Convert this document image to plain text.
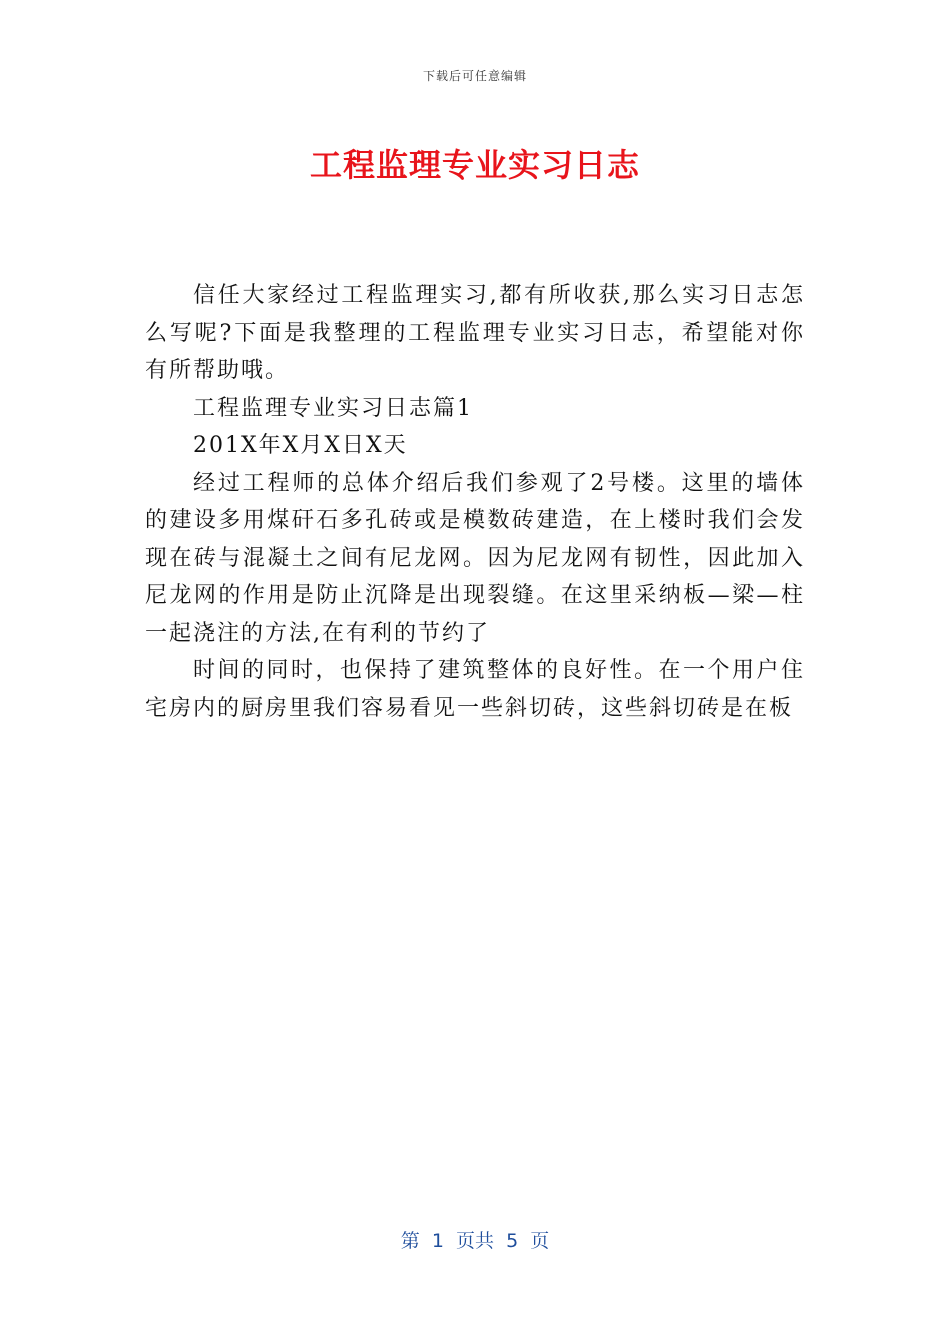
下载后可任意编辑
工程监理专业实习日志

信任大家经过工程监理实习,都有所收获,那么实习日志怎么写呢?下面是我整理的工程监理专业实习日志，希望能对你有所帮助哦。

工程监理专业实习日志篇1

201X年X月X日X天

经过工程师的总体介绍后我们参观了2号楼。这里的墙体的建设多用煤矸石多孔砖或是模数砖建造，在上楼时我们会发现在砖与混凝土之间有尼龙网。因为尼龙网有韧性，因此加入尼龙网的作用是防止沉降是出现裂缝。在这里采纳板—梁—柱一起浇注的方法,在有利的节约了

时间的同时，也保持了建筑整体的良好性。在一个用户住宅房内的厨房里我们容易看见一些斜切砖，这些斜切砖是在板

第  1  页共  5  页
